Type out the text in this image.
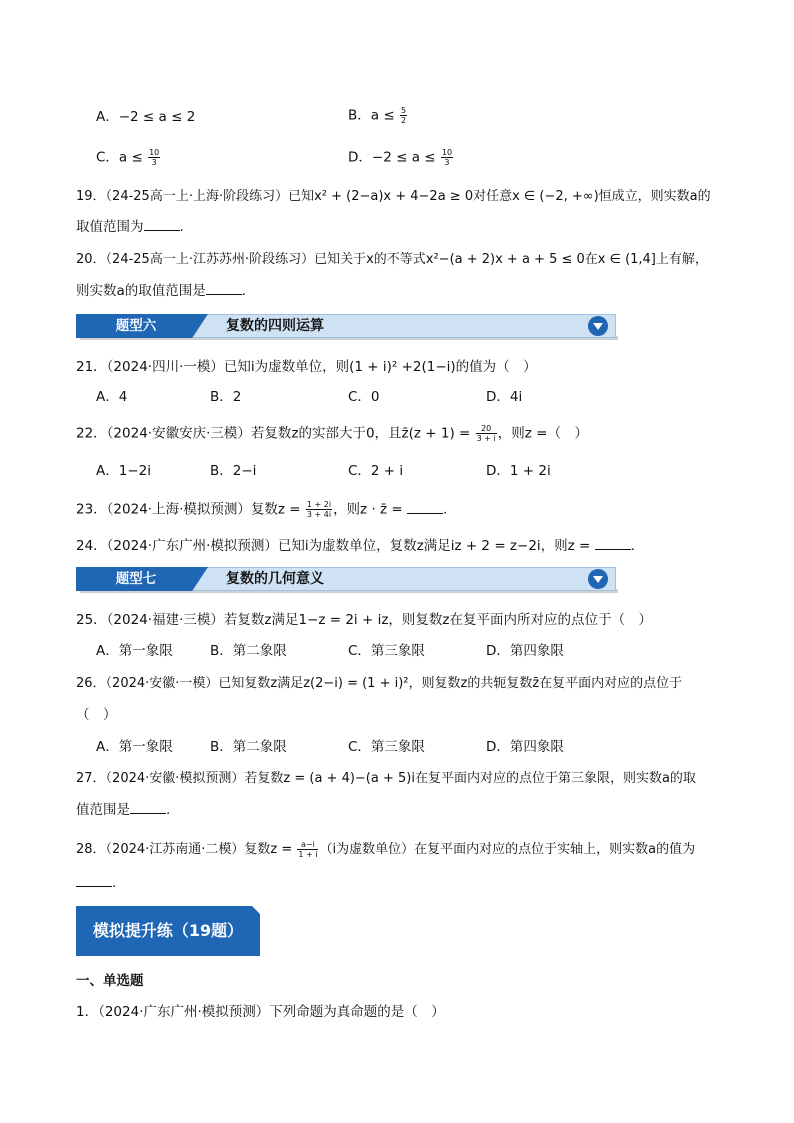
A．−2 ≤ a ≤ 2	B．$a \le \frac{5}{2}$
C．$a \le \frac{10}{3}$	D．$-2 \le a \le \frac{10}{3}$
19．（24-25高一上·上海·阶段练习）已知x² + (2−a)x + 4−2a ≥ 0对任意x ∈ (−2, +∞)恒成立，则实数a的
取值范围为	.
20．（24-25高一上·江苏苏州·阶段练习）已知关于x的不等式x²−(a + 2)x + a + 5 ≤ 0在x ∈ (1,4]上有解，
则实数a的取值范围是	.
题型六	复数的四则运算
21．（2024·四川·一模）已知i为虚数单位，则(1 + i)² +2(1−i)的值为（　）
A．4	B．2	C．0	D．4i
22．（2024·安徽安庆·三模）若复数z的实部大于0，且z̄(z + $1) = \frac{20}{3 + i}$ ，则z =（　）
A．1−2i	B．2−i	C．2 + i	D．1 + 2i
23．（2024·上海·模拟预测）复数$z = \frac{1 + 2i}{3 + 4i}$ ，则z · z̄ =	.
24．（2024·广东广州·模拟预测）已知i为虚数单位，复数z满足iz + 2 = z−2i，则z =	.
题型七	复数的几何意义
25．（2024·福建·三模）若复数z满足1−z = 2i + iz，则复数z在复平面内所对应的点位于（　）
A．第一象限	B．第二象限	C．第三象限	D．第四象限
26．（2024·安徽·一模）已知复数z满足z(2−i) = (1 + i)²，则复数z的共轭复数z̄在复平面内对应的点位于
（　）
A．第一象限	B．第二象限	C．第三象限	D．第四象限
27．（2024·安徽·模拟预测）若复数z = (a + 4)−(a + 5)i在复平面内对应的点位于第三象限，则实数a的取
值范围是	.
28．（2024·江苏南通·二模）复数$z = \frac{a-i}{1 + i} (i$为虚数单位）在复平面内对应的点位于实轴上，则实数a的值为
.
模拟提升练（19题）
一、单选题
1．（2024·广东广州·模拟预测）下列命题为真命题的是（　）
